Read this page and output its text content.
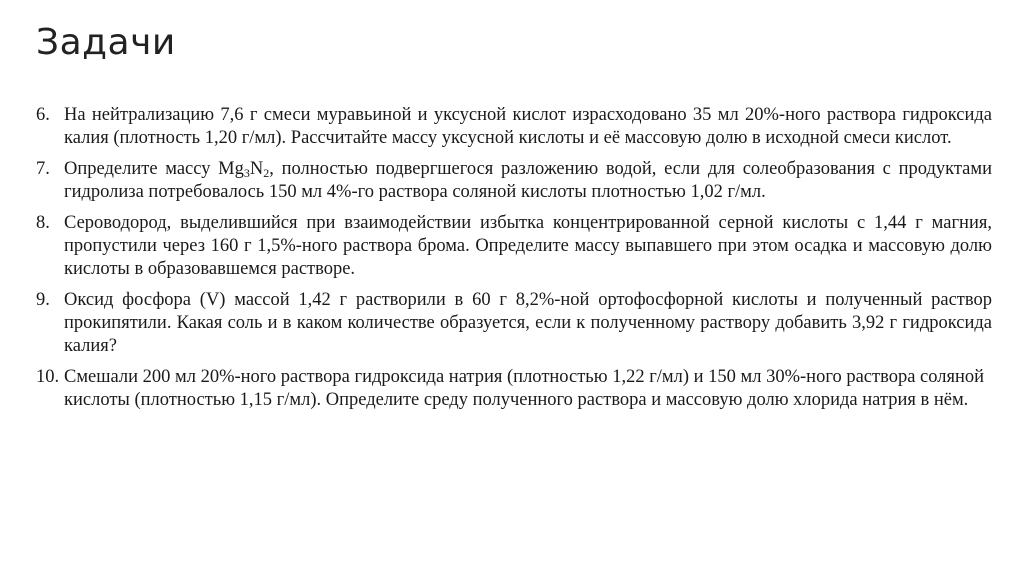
Задачи
6. На нейтрализацию 7,6 г смеси муравьиной и уксусной кислот израсходовано 35 мл 20%-ного раствора гидроксида калия (плотность 1,20 г/мл). Рассчитайте массу уксусной кислоты и её массовую долю в исходной смеси кислот.
7. Определите массу $Mg_3N_2$, полностью подвергшегося разложению водой, если для солеобразования с продуктами гидролиза потребовалось 150 мл 4%-го раствора соляной кислоты плотностью 1,02 г/мл.
8. Сероводород, выделившийся при взаимодействии избытка концентрированной серной кислоты с 1,44 г магния, пропустили через 160 г 1,5%-ного раствора брома. Определите массу выпавшего при этом осадка и массовую долю кислоты в образовавшемся растворе.
9. Оксид фосфора (V) массой 1,42 г растворили в 60 г 8,2%-ной ортофосфорной кислоты и полученный раствор прокипятили. Какая соль и в каком количестве образуется, если к полученному раствору добавить 3,92 г гидроксида калия?
10. Смешали 200 мл 20%-ного раствора гидроксида натрия (плотностью 1,22 г/мл) и 150 мл 30%-ного раствора соляной кислоты (плотностью 1,15 г/мл). Определите среду полученного раствора и массовую долю хлорида натрия в нём.
